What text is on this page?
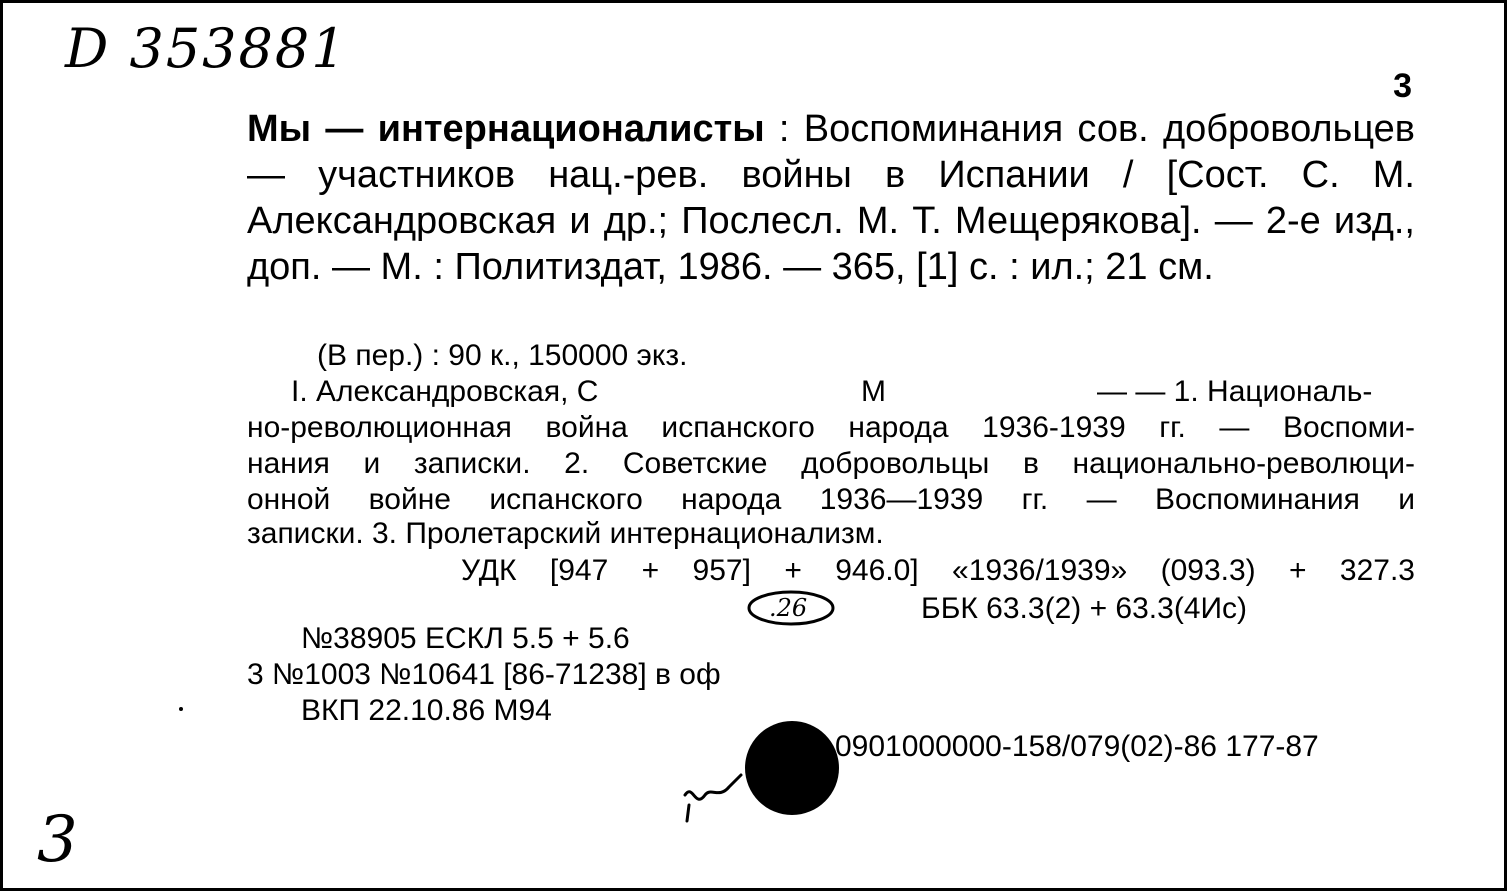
D 353881
3

Мы — интернационалисты : Воспоминания сов. добровольцев — участников нац.-рев. войны в Испании / [Сост. С. М. Александровская и др.; Послесл. М. Т. Мещерякова]. — 2-е изд., доп. — М. : Политиздат, 1986. — 365, [1] с. : ил.; 21 см.

(В пер.) : 90 к., 150000 экз.
I. Александровская, С	М	— — 1. Националь-
но-революционная война испанского народа 1936-1939 гг. — Воспоми-
нания и записки. 2. Советские добровольцы в национально-революци-
онной войне испанского народа 1936—1939 гг. — Воспоминания и
записки. 3. Пролетарский интернационализм.
УДК [947 + 957] + 946.0] «1936/1939» (093.3) + 327.3
ББК 63.3(2) + 63.3(4Ис)
№38905 ЕСКЛ 5.5 + 5.6
3 №1003 №10641 [86-71238] в оф
ВКП 22.10.86 М94
0901000000-158/079(02)-86 177-87
.26
3
